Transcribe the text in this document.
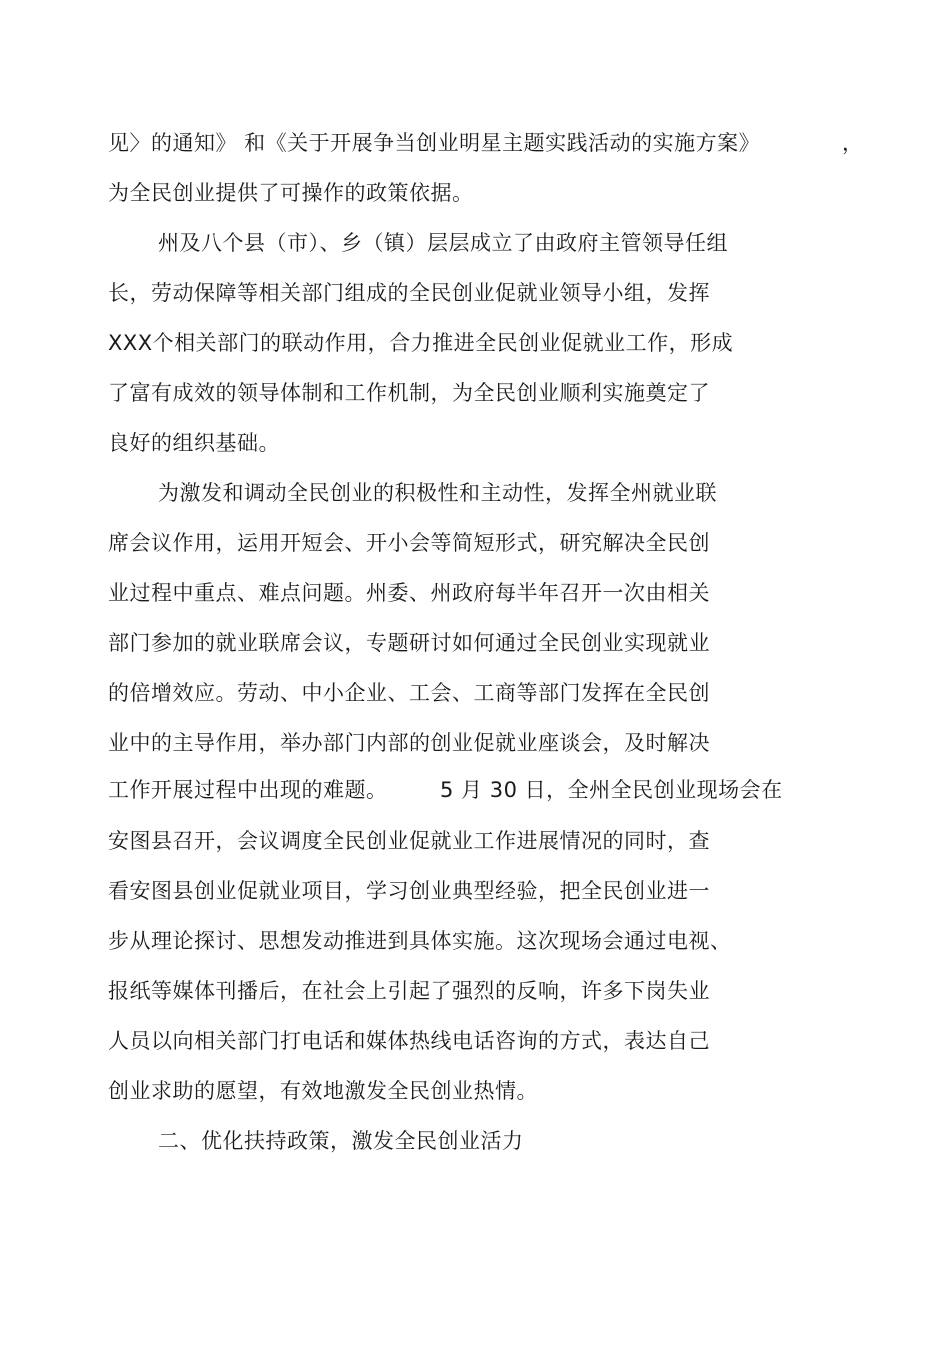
见〉的通知》 和《关于开展争当创业明星主题实践活动的实施方案》	，
为全民创业提供了可操作的政策依据。
州及八个县（市）、乡（镇）层层成立了由政府主管领导任组
长，劳动保障等相关部门组成的全民创业促就业领导小组，发挥
XXX个相关部门的联动作用，合力推进全民创业促就业工作，形成
了富有成效的领导体制和工作机制，为全民创业顺利实施奠定了
良好的组织基础。
为激发和调动全民创业的积极性和主动性，发挥全州就业联
席会议作用，运用开短会、开小会等简短形式，研究解决全民创
业过程中重点、难点问题。州委、州政府每半年召开一次由相关
部门参加的就业联席会议，专题研讨如何通过全民创业实现就业
的倍增效应。劳动、中小企业、工会、工商等部门发挥在全民创
业中的主导作用，举办部门内部的创业促就业座谈会，及时解决
工作开展过程中出现的难题。	5 月 30 日，全州全民创业现场会在
安图县召开，会议调度全民创业促就业工作进展情况的同时，查
看安图县创业促就业项目，学习创业典型经验，把全民创业进一
步从理论探讨、思想发动推进到具体实施。这次现场会通过电视、
报纸等媒体刊播后，在社会上引起了强烈的反响，许多下岗失业
人员以向相关部门打电话和媒体热线电话咨询的方式，表达自己
创业求助的愿望，有效地激发全民创业热情。
二、优化扶持政策，激发全民创业活力
